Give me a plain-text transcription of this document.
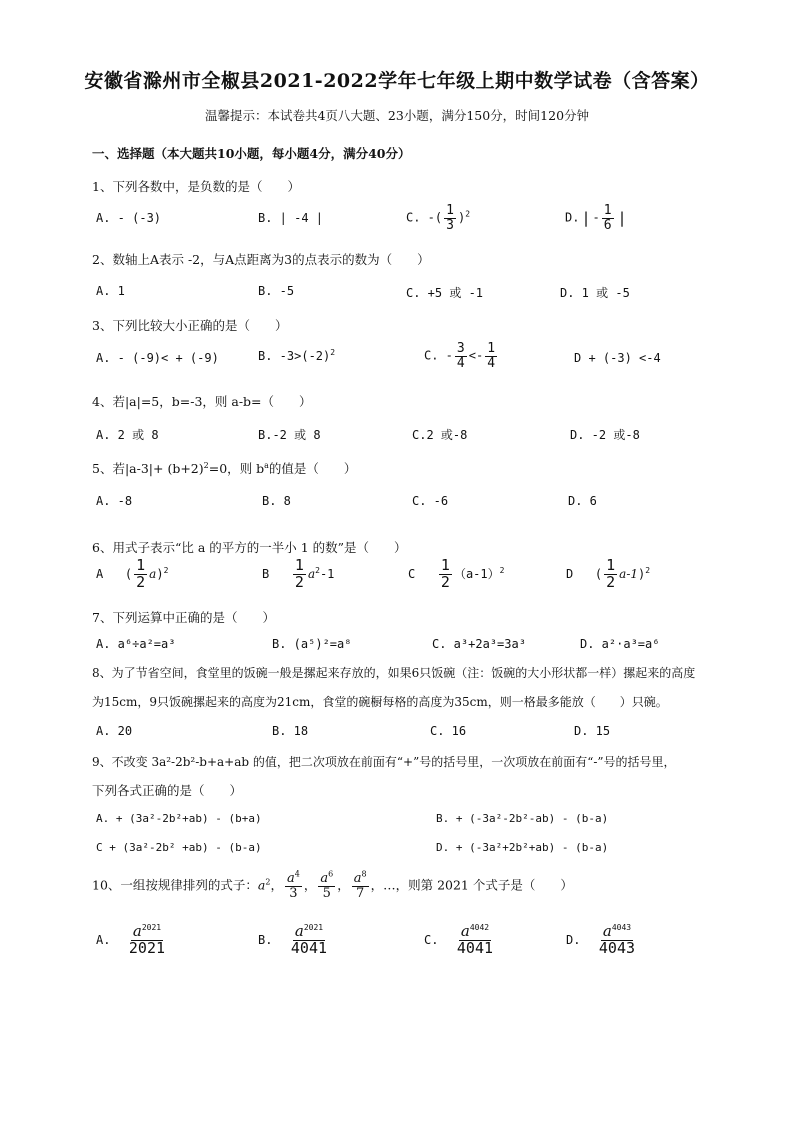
安徽省滁州市全椒县2021-2022学年七年级上期中数学试卷（含答案）
温馨提示：本试卷共4页八大题、23小题，满分150分，时间120分钟
一、选择题（本大题共10小题，每小题4分，满分40分）
1、下列各数中，是负数的是（　　）
A. - (-3)	B. | -4 |	C. -( $\frac{1}{3} )^2$	D. | - $\frac{1}{6}$ |
2、数轴上A表示 -2，与A点距离为3的点表示的数为（　　）
A. 1	B. -5	C. +5 或 -1	D. 1 或 -5
3、下列比较大小正确的是（　　）
A. - (-9)< + (-9)	B. $-3>(-2)^2$	C. - $\frac{3}{4} <- \frac{1}{4}$	D + (-3) <-4
4、若|a|=5，b=-3，则 a-b=（　　）
A. 2 或 8	B.-2 或 8	C.2 或-8	D. -2 或-8
5、若$|a-3|+ (b+2)^2=0$，则 $b^a$的值是（　　）
A. -8	B. 8	C. -6	D. 6
6、用式子表示“比 a 的平方的一半小 1 的数”是（　　）
A   ( $\frac{1}{2} a)^2$	B $\frac{1}{2} a^2-1$	C $\frac{1}{2} (a-1)^2$	D   ( $\frac{1}{2} a-1)^2$
7、下列运算中正确的是（　　）
A. a⁶÷a²=a³	B. (a⁵)²=a⁸	C. a³+2a³=3a³	D. a²·a³=a⁶
8、为了节省空间，食堂里的饭碗一般是摞起来存放的，如果6只饭碗（注：饭碗的大小形状都一样）摞起来的高度
为15cm，9只饭碗摞起来的高度为21cm，食堂的碗橱每格的高度为35cm，则一格最多能放（　　）只碗。
A. 20	B. 18	C. 16	D. 15
9、不改变 3a²-2b²-b+a+ab 的值，把二次项放在前面有“+”号的括号里，一次项放在前面有“-”号的括号里，
下列各式正确的是（　　）
A. + (3a²-2b²+ab) - (b+a)	B. + (-3a²-2b²-ab) - (b-a)
C + (3a²-2b² +ab) - (b-a)	D. + (-3a²+2b²+ab) - (b-a)
10、一组按规律排列的式子：$a^2$， $\frac{a^4}{3}$ ， $\frac{a^6}{5}$ ， $\frac{a^8}{7}$ ，…，则第 2021 个式子是（　　）
A. $\frac{a^{2021}}{2021}$	B. $\frac{a^{2021}}{4041}$	C. $\frac{a^{4042}}{4041}$	D. $\frac{a^{4043}}{4043}$
